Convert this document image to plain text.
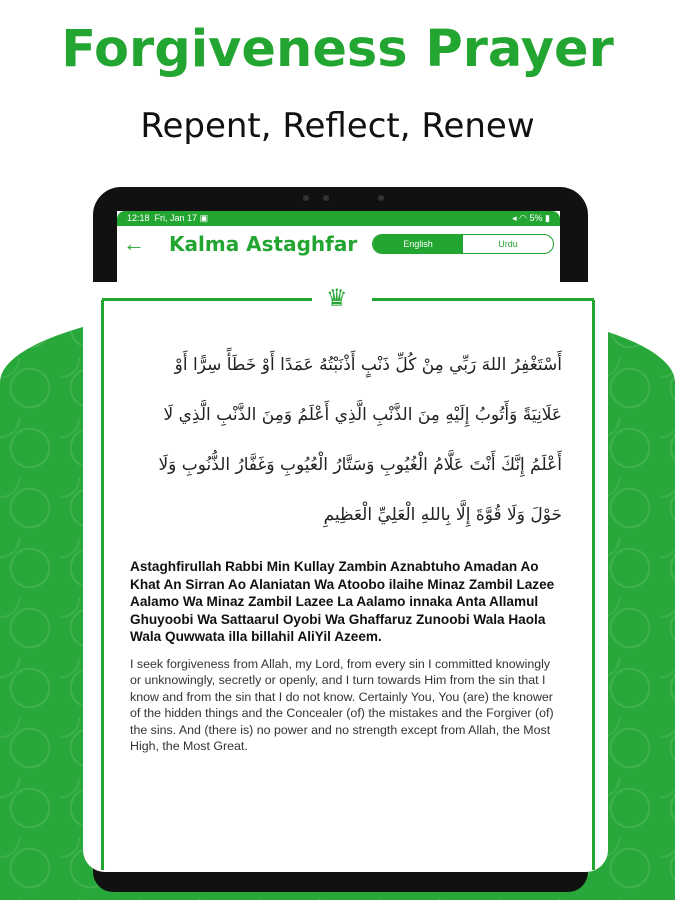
Forgiveness Prayer
Repent, Reflect, Renew
12:18 Fri, Jan 17 ▣	◂ ◠ 5% ▮
←	Kalma Astaghfar	English	Urdu
♛
أَسْتَغْفِرُ اللهَ رَبِّي مِنْ كُلِّ ذَنْبٍ أَذْنَبْتُهُ عَمَدًا أَوْ خَطَأً سِرًّا أَوْ عَلَانِيَةً وَأَتُوبُ إِلَيْهِ مِنَ الذَّنْبِ الَّذِي أَعْلَمُ وَمِنَ الذَّنْبِ الَّذِي لَا أَعْلَمُ إِنَّكَ أَنْتَ عَلَّامُ الْغُيُوبِ وَسَتَّارُ الْعُيُوبِ وَغَفَّارُ الذُّنُوبِ وَلَا حَوْلَ وَلَا قُوَّةَ إِلَّا بِاللهِ الْعَلِيِّ الْعَظِيمِ
Astaghfirullah Rabbi Min Kullay Zambin Aznabtuho Amadan Ao Khat An Sirran Ao Alaniatan Wa Atoobo ilaihe Minaz Zambil Lazee Aalamo Wa Minaz Zambil Lazee La Aalamo innaka Anta Allamul Ghuyoobi Wa Sattaarul Oyobi Wa Ghaffaruz Zunoobi Wala Haola Wala Quwwata illa billahil AliYil Azeem.
I seek forgiveness from Allah, my Lord, from every sin I committed knowingly or unknowingly, secretly or openly, and I turn towards Him from the sin that I know and from the sin that I do not know. Certainly You, You (are) the knower of the hidden things and the Concealer (of) the mistakes and the Forgiver (of) the sins. And (there is) no power and no strength except from Allah, the Most High, the Most Great.
